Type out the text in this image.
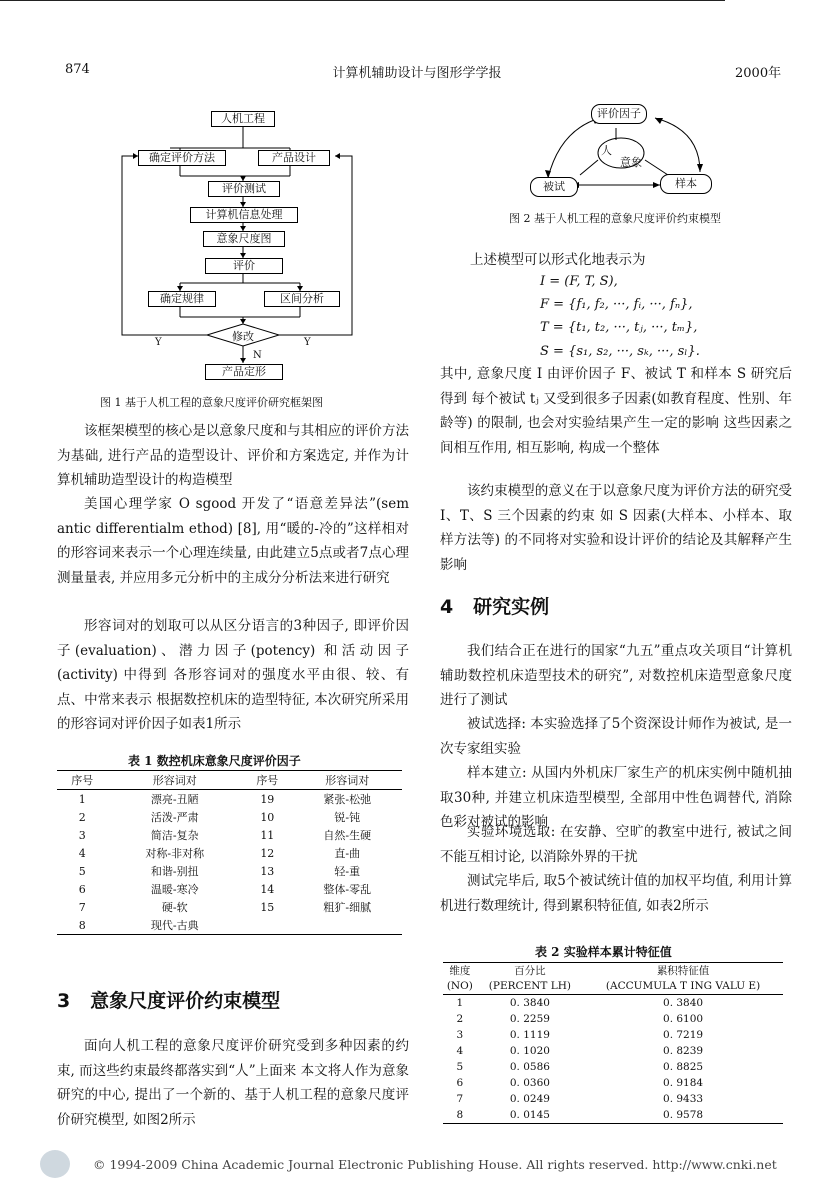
874	计算机辅助设计与图形学学报	2000年
人机工程
确定评价方法	产品设计
评价测试
计算机信息处理
意象尺度图
评价
确定规律	区间分析
修改
Y	Y
N
产品定形
图 1 基于人机工程的意象尺度评价研究框架图
评价因子
人
意象
被试	样本
图 2 基于人机工程的意象尺度评价约束模型

该框架模型的核心是以意象尺度和与其相应的评价方法为基础, 进行产品的造型设计、评价和方案选定, 并作为计算机辅助造型设计的构造模型

美国心理学家 O sgood 开发了“语意差异法”(sem antic differentialm ethod) [8], 用“暖的-冷的”这样相对的形容词来表示一个心理连续量, 由此建立5点或者7点心理测量量表, 并应用多元分析中的主成分分析法来进行研究

形容词对的划取可以从区分语言的3种因子, 即评价因子(evaluation)、潜力因子(potency) 和活动因子(activity) 中得到 各形容词对的强度水平由很、较、有点、中常来表示 根据数控机床的造型特征, 本次研究所采用的形容词对评价因子如表1所示

表 1 数控机床意象尺度评价因子
序号	形容词对	序号	形容词对
1	漂亮-丑陋	19	紧张-松弛
2	活泼-严肃	10	锐-钝
3	简洁-复杂	11	自然-生硬
4	对称-非对称	12	直-曲
5	和谐-别扭	13	轻-重
6	温暖-寒冷	14	整体-零乱
7	硬-软	15	粗犷-细腻
8	现代-古典		
3 意象尺度评价约束模型

面向人机工程的意象尺度评价研究受到多种因素的约束, 而这些约束最终都落实到“人”上面来 本文将人作为意象研究的中心, 提出了一个新的、基于人机工程的意象尺度评价研究模型, 如图2所示

上述模型可以形式化地表示为
I = (F, T, S),
F = {f₁, f₂, ···, fᵢ, ···, fₙ},
T = {t₁, t₂, ···, tⱼ, ···, tₘ},
S = {s₁, s₂, ···, sₖ, ···, sₗ}.

其中, 意象尺度 I 由评价因子 F、被试 T 和样本 S 研究后得到 每个被试 tⱼ 又受到很多子因素(如教育程度、性别、年龄等) 的限制, 也会对实验结果产生一定的影响 这些因素之间相互作用, 相互影响, 构成一个整体

该约束模型的意义在于以意象尺度为评价方法的研究受 I、T、S 三个因素的约束 如 S 因素(大样本、小样本、取样方法等) 的不同将对实验和设计评价的结论及其解释产生影响

4 研究实例

我们结合正在进行的国家“九五”重点攻关项目“计算机辅助数控机床造型技术的研究”, 对数控机床造型意象尺度进行了测试

被试选择: 本实验选择了5个资深设计师作为被试, 是一次专家组实验

样本建立: 从国内外机床厂家生产的机床实例中随机抽取30种, 并建立机床造型模型, 全部用中性色调替代, 消除色彩对被试的影响

实验环境选取: 在安静、空旷的教室中进行, 被试之间不能互相讨论, 以消除外界的干扰

测试完毕后, 取5个被试统计值的加权平均值, 利用计算机进行数理统计, 得到累积特征值, 如表2所示

表 2 实验样本累计特征值
维度	百分比	累积特征值
(NO)	(PERCENT LH)	(ACCUMULA T ING VALU E)
1	0. 3840	0. 3840
2	0. 2259	0. 6100
3	0. 1119	0. 7219
4	0. 1020	0. 8239
5	0. 0586	0. 8825
6	0. 0360	0. 9184
7	0. 0249	0. 9433
8	0. 0145	0. 9578
© 1994-2009 China Academic Journal Electronic Publishing House. All rights reserved. http://www.cnki.net
